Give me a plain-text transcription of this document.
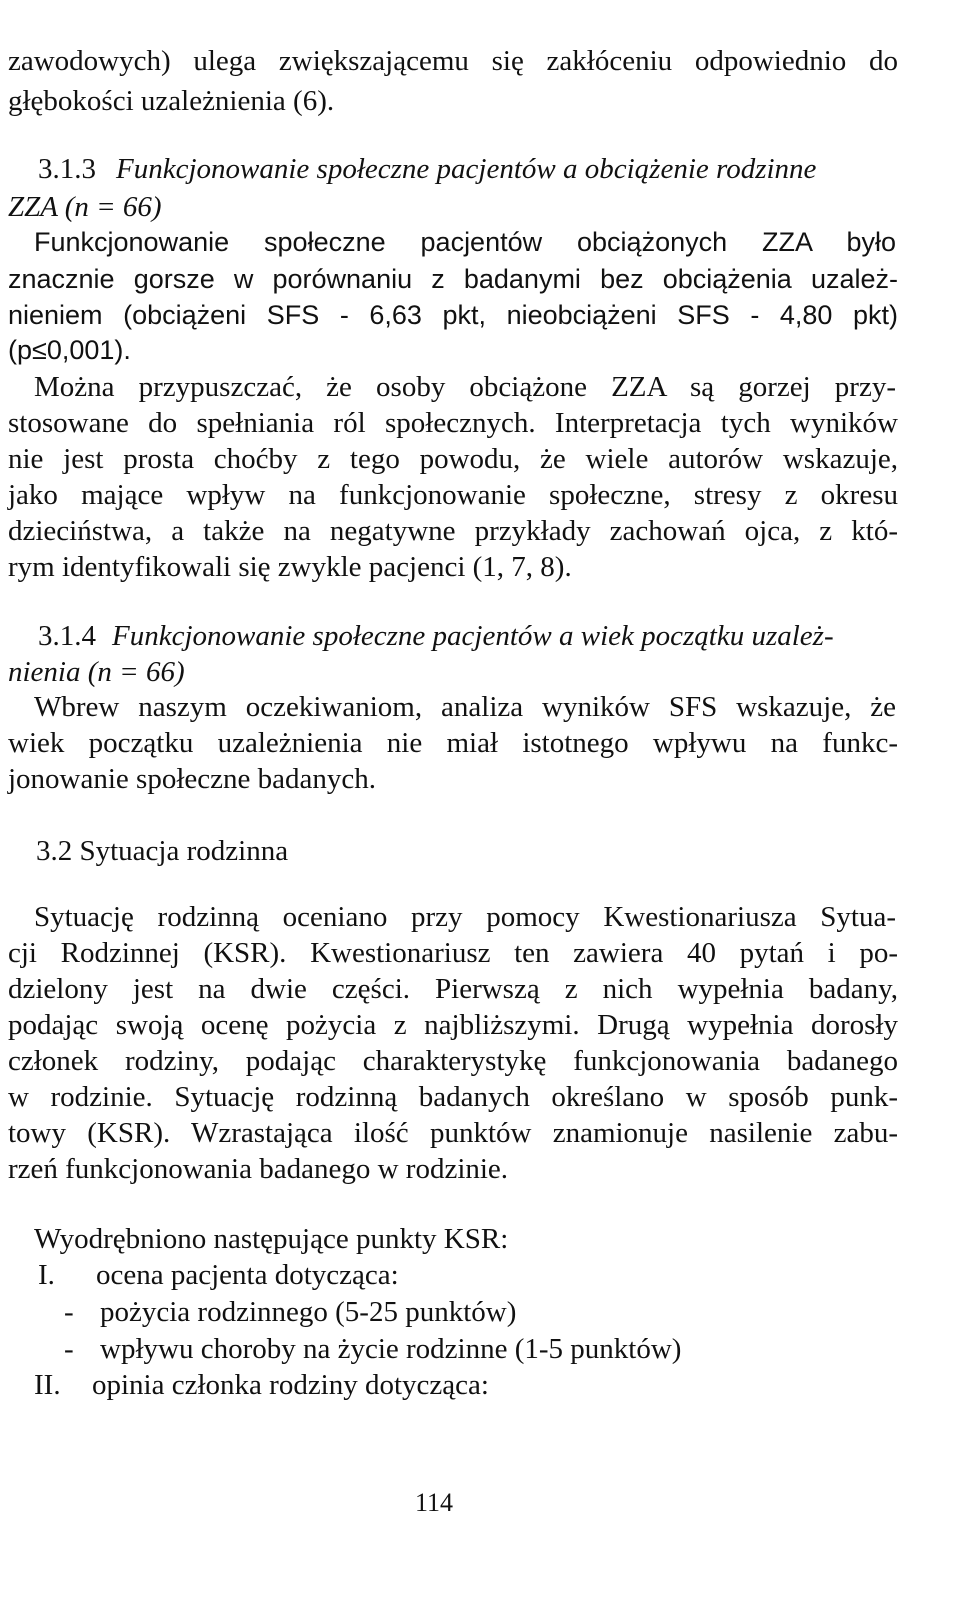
zawodowych) ulega zwiększającemu się zakłóceniu odpowiednio do
głębokości uzależnienia (6).
3.1.3 Funkcjonowanie społeczne pacjentów a obciążenie rodzinne
ZZA (n = 66)
Funkcjonowanie społeczne pacjentów obciążonych ZZA było
znacznie gorsze w porównaniu z badanymi bez obciążenia uzależ-
nieniem (obciążeni SFS - 6,63 pkt, nieobciążeni SFS - 4,80 pkt)
(p≤0,001).
Można przypuszczać, że osoby obciążone ZZA są gorzej przy-
stosowane do spełniania ról społecznych. Interpretacja tych wyników
nie jest prosta choćby z tego powodu, że wiele autorów wskazuje,
jako mające wpływ na funkcjonowanie społeczne, stresy z okresu
dzieciństwa, a także na negatywne przykłady zachowań ojca, z któ-
rym identyfikowali się zwykle pacjenci (1, 7, 8).
3.1.4 Funkcjonowanie społeczne pacjentów a wiek początku uzależ-
nienia (n = 66)
Wbrew naszym oczekiwaniom, analiza wyników SFS wskazuje, że
wiek początku uzależnienia nie miał istotnego wpływu na funkc-
jonowanie społeczne badanych.
3.2 Sytuacja rodzinna
Sytuację rodzinną oceniano przy pomocy Kwestionariusza Sytua-
cji Rodzinnej (KSR). Kwestionariusz ten zawiera 40 pytań i po-
dzielony jest na dwie części. Pierwszą z nich wypełnia badany,
podając swoją ocenę pożycia z najbliższymi. Drugą wypełnia dorosły
członek rodziny, podając charakterystykę funkcjonowania badanego
w rodzinie. Sytuację rodzinną badanych określano w sposób punk-
towy (KSR). Wzrastająca ilość punktów znamionuje nasilenie zabu-
rzeń funkcjonowania badanego w rodzinie.
Wyodrębniono następujące punkty KSR:
I. ocena pacjenta dotycząca:
- pożycia rodzinnego (5-25 punktów)
- wpływu choroby na życie rodzinne (1-5 punktów)
II. opinia członka rodziny dotycząca:
114
